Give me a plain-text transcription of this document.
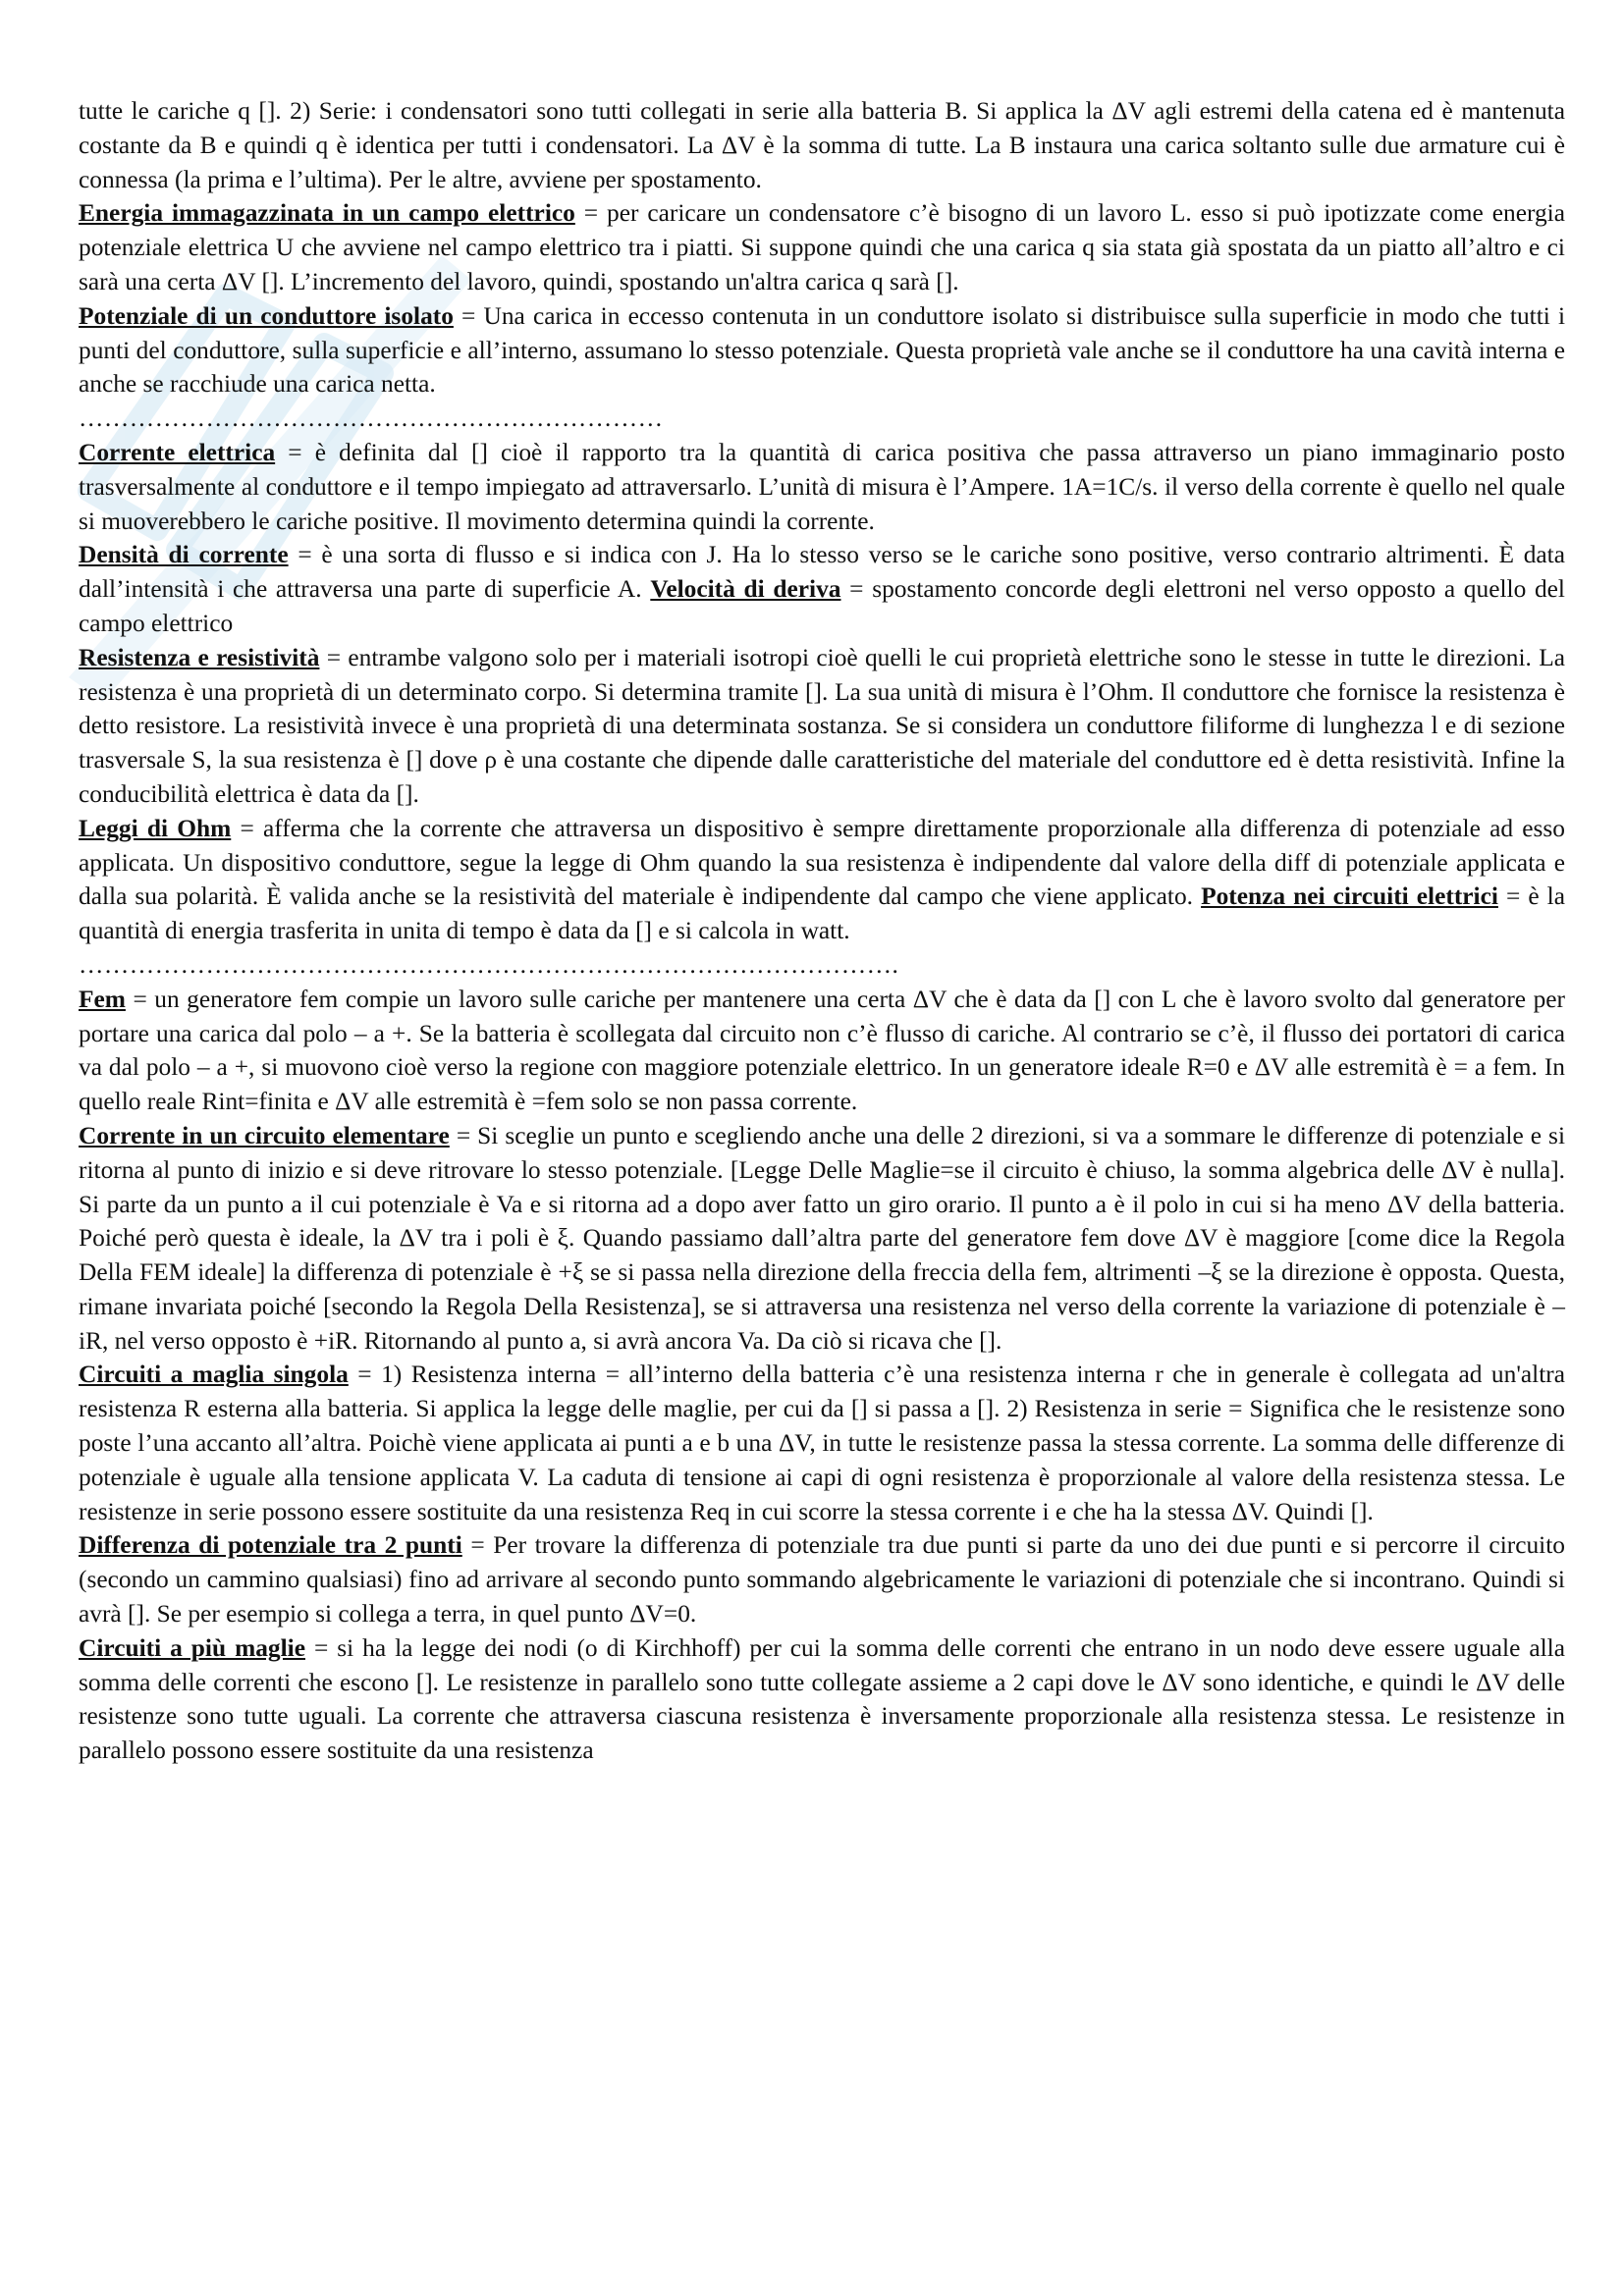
tutte le cariche q []. 2) Serie: i condensatori sono tutti collegati in serie alla batteria B. Si applica la ΔV agli estremi della catena ed è mantenuta costante da B e quindi q è identica per tutti i condensatori. La ΔV è la somma di tutte. La B instaura una carica soltanto sulle due armature cui è connessa (la prima e l’ultima). Per le altre, avviene per spostamento.

Energia immagazzinata in un campo elettrico = per caricare un condensatore c’è bisogno di un lavoro L. esso si può ipotizzate come energia potenziale elettrica U che avviene nel campo elettrico tra i piatti. Si suppone quindi che una carica q sia stata già spostata da un piatto all’altro e ci sarà una certa ΔV []. L’incremento del lavoro, quindi, spostando un'altra carica q sarà [].

Potenziale di un conduttore isolato = Una carica in eccesso contenuta in un conduttore isolato si distribuisce sulla superficie in modo che tutti i punti del conduttore, sulla superficie e all’interno, assumano lo stesso potenziale. Questa proprietà vale anche se il conduttore ha una cavità interna e anche se racchiude una carica netta.

……………………………………………………………

Corrente elettrica = è definita dal [] cioè il rapporto tra la quantità di carica positiva che passa attraverso un piano immaginario posto trasversalmente al conduttore e il tempo impiegato ad attraversarlo. L’unità di misura è l’Ampere. 1A=1C/s. il verso della corrente è quello nel quale si muoverebbero le cariche positive. Il movimento determina quindi la corrente.

Densità di corrente = è una sorta di flusso e si indica con J. Ha lo stesso verso se le cariche sono positive, verso contrario altrimenti. È data dall’intensità i che attraversa una parte di superficie A. Velocità di deriva = spostamento concorde degli elettroni nel verso opposto a quello del campo elettrico

Resistenza e resistività = entrambe valgono solo per i materiali isotropi cioè quelli le cui proprietà elettriche sono le stesse in tutte le direzioni. La resistenza è una proprietà di un determinato corpo. Si determina tramite []. La sua unità di misura è l’Ohm. Il conduttore che fornisce la resistenza è detto resistore. La resistività invece è una proprietà di una determinata sostanza. Se si considera un conduttore filiforme di lunghezza l e di sezione trasversale S, la sua resistenza è [] dove ρ è una costante che dipende dalle caratteristiche del materiale del conduttore ed è detta resistività. Infine la conducibilità elettrica è data da [].

Leggi di Ohm = afferma che la corrente che attraversa un dispositivo è sempre direttamente proporzionale alla differenza di potenziale ad esso applicata. Un dispositivo conduttore, segue la legge di Ohm quando la sua resistenza è indipendente dal valore della diff di potenziale applicata e dalla sua polarità. È valida anche se la resistività del materiale è indipendente dal campo che viene applicato. Potenza nei circuiti elettrici = è la quantità di energia trasferita in unita di tempo è data da [] e si calcola in watt.

…………………………………………………………………………………….

Fem = un generatore fem compie un lavoro sulle cariche per mantenere una certa ΔV che è data da [] con L che è lavoro svolto dal generatore per portare una carica dal polo – a +. Se la batteria è scollegata dal circuito non c’è flusso di cariche. Al contrario se c’è, il flusso dei portatori di carica va dal polo – a +, si muovono cioè verso la regione con maggiore potenziale elettrico. In un generatore ideale R=0 e ΔV alle estremità è = a fem. In quello reale Rint=finita e ΔV alle estremità è =fem solo se non passa corrente.

Corrente in un circuito elementare = Si sceglie un punto e scegliendo anche una delle 2 direzioni, si va a sommare le differenze di potenziale e si ritorna al punto di inizio e si deve ritrovare lo stesso potenziale. [Legge Delle Maglie=se il circuito è chiuso, la somma algebrica delle ΔV è nulla]. Si parte da un punto a il cui potenziale è Va e si ritorna ad a dopo aver fatto un giro orario. Il punto a è il polo in cui si ha meno ΔV della batteria. Poiché però questa è ideale, la ΔV tra i poli è ξ. Quando passiamo dall’altra parte del generatore fem dove ΔV è maggiore [come dice la Regola Della FEM ideale] la differenza di potenziale è +ξ se si passa nella direzione della freccia della fem, altrimenti –ξ se la direzione è opposta. Questa, rimane invariata poiché [secondo la Regola Della Resistenza], se si attraversa una resistenza nel verso della corrente la variazione di potenziale è –iR, nel verso opposto è +iR. Ritornando al punto a, si avrà ancora Va. Da ciò si ricava che [].

Circuiti a maglia singola = 1) Resistenza interna = all’interno della batteria c’è una resistenza interna r che in generale è collegata ad un'altra resistenza R esterna alla batteria. Si applica la legge delle maglie, per cui da [] si passa a []. 2) Resistenza in serie = Significa che le resistenze sono poste l’una accanto all’altra. Poichè viene applicata ai punti a e b una ΔV, in tutte le resistenze passa la stessa corrente. La somma delle differenze di potenziale è uguale alla tensione applicata V. La caduta di tensione ai capi di ogni resistenza è proporzionale al valore della resistenza stessa. Le resistenze in serie possono essere sostituite da una resistenza Req in cui scorre la stessa corrente i e che ha la stessa ΔV. Quindi [].

Differenza di potenziale tra 2 punti = Per trovare la differenza di potenziale tra due punti si parte da uno dei due punti e si percorre il circuito (secondo un cammino qualsiasi) fino ad arrivare al secondo punto sommando algebricamente le variazioni di potenziale che si incontrano. Quindi si avrà []. Se per esempio si collega a terra, in quel punto ΔV=0.

Circuiti a più maglie = si ha la legge dei nodi (o di Kirchhoff) per cui la somma delle correnti che entrano in un nodo deve essere uguale alla somma delle correnti che escono []. Le resistenze in parallelo sono tutte collegate assieme a 2 capi dove le ΔV sono identiche, e quindi le ΔV delle resistenze sono tutte uguali. La corrente che attraversa ciascuna resistenza è inversamente proporzionale alla resistenza stessa. Le resistenze in parallelo possono essere sostituite da una resistenza
